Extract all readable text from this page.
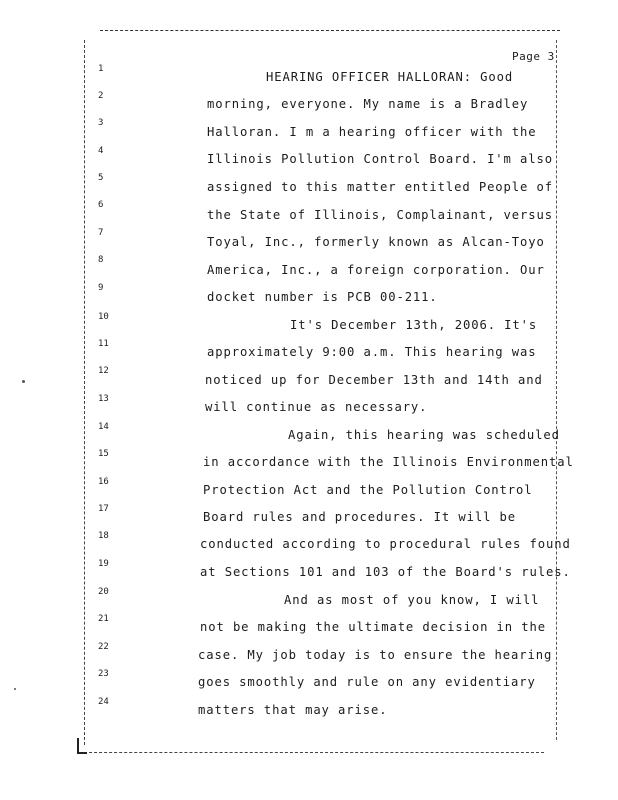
Page 3
1
2
3
4
5
6
7
8
9
10
11
12
13
14
15
16
17
18
19
20
21
22
23
24
HEARING OFFICER HALLORAN: Good
morning, everyone. My name is a Bradley
Halloran. I m a hearing officer with the
Illinois Pollution Control Board. I'm also
assigned to this matter entitled People of
the State of Illinois, Complainant, versus
Toyal, Inc., formerly known as Alcan-Toyo
America, Inc., a foreign corporation. Our
docket number is PCB 00-211.
It's December 13th, 2006. It's
approximately 9:00 a.m. This hearing was
noticed up for December 13th and 14th and
will continue as necessary.
Again, this hearing was scheduled
in accordance with the Illinois Environmental
Protection Act and the Pollution Control
Board rules and procedures. It will be
conducted according to procedural rules found
at Sections 101 and 103 of the Board's rules.
And as most of you know, I will
not be making the ultimate decision in the
case. My job today is to ensure the hearing
goes smoothly and rule on any evidentiary
matters that may arise.
